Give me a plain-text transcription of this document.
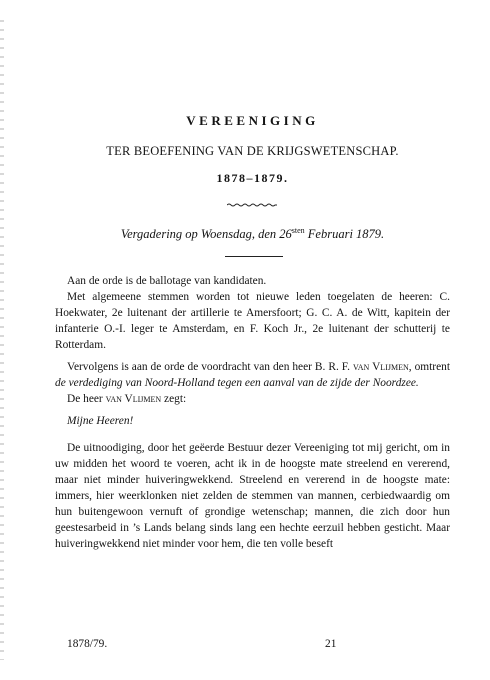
VEREENIGING
TER BEOEFENING VAN DE KRIJGSWETENSCHAP.
1878–1879.
Vergadering op Woensdag, den $26^{sten}$ Februari 1879.

Aan de orde is de ballotage van kandidaten.

Met algemeene stemmen worden tot nieuwe leden toegelaten de heeren: C. Hoekwater, 2e luitenant der artillerie te Amersfoort; G. C. A. de Witt, kapitein der infanterie O.-I. leger te Amsterdam, en F. Koch Jr., 2e luitenant der schutterij te Rotterdam.

Vervolgens is aan de orde de voordracht van den heer B. R. F. van Vlijmen, omtrent de verdediging van Noord-Holland tegen een aanval van de zijde der Noordzee.

De heer van Vlijmen zegt:

Mijne Heeren!

De uitnoodiging, door het geëerde Bestuur dezer Vereeniging tot mij gericht, om in uw midden het woord te voeren, acht ik in de hoogste mate streelend en vererend, maar niet minder huiveringwekkend. Streelend en vererend in de hoogste mate: immers, hier weerklonken niet zelden de stemmen van mannen, cerbiedwaardig om hun buitengewoon vernuft of grondige wetenschap; mannen, die zich door hun geestesarbeid in ’s Lands belang sinds lang een hechte eerzuil hebben gesticht. Maar huiveringwekkend niet minder voor hem, die ten volle beseft

1878/79.	21
